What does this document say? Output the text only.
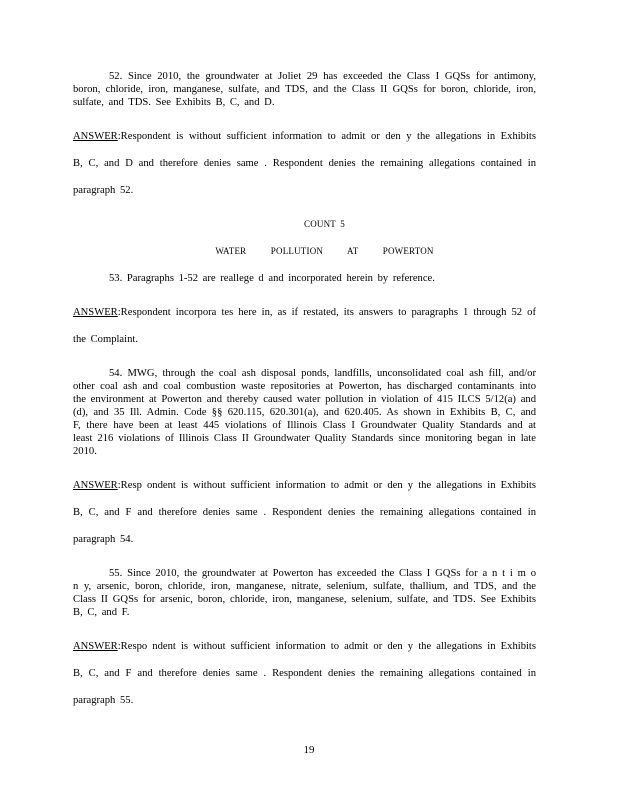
52. Since 2010, the groundwater at Joliet 29 has exceeded the Class I GQSs for antimony, boron, chloride, iron, manganese, sulfate, and TDS, and the Class II GQSs for boron, chloride, iron, sulfate, and TDS. See Exhibits B, C, and D.

ANSWER:Respondent is without sufficient information to admit or den y the allegations in Exhibits B, C, and D and therefore denies same . Respondent denies the remaining allegations contained in paragraph 52.

COUNT 5

WATER POLLUTION AT POWERTON

53. Paragraphs 1-52 are reallege d and incorporated herein by reference.

ANSWER:Respondent incorpora tes here in, as if restated, its answers to paragraphs 1 through 52 of the Complaint.

54. MWG, through the coal ash disposal ponds, landfills, unconsolidated coal ash fill, and/or other coal ash and coal combustion waste repositories at Powerton, has discharged contaminants into the environment at Powerton and thereby caused water pollution in violation of 415 ILCS 5/12(a) and (d), and 35 Ill. Admin. Code §§ 620.115, 620.301(a), and 620.405. As shown in Exhibits B, C, and F, there have been at least 445 violations of Illinois Class I Groundwater Quality Standards and at least 216 violations of Illinois Class II Groundwater Quality Standards since monitoring began in late 2010.

ANSWER:Resp ondent is without sufficient information to admit or den y the allegations in Exhibits B, C, and F and therefore denies same . Respondent denies the remaining allegations contained in paragraph 54.

55. Since 2010, the groundwater at Powerton has exceeded the Class I GQSs for a n t i m o n y, arsenic, boron, chloride, iron, manganese, nitrate, selenium, sulfate, thallium, and TDS, and the Class II GQSs for arsenic, boron, chloride, iron, manganese, selenium, sulfate, and TDS. See Exhibits B, C, and F.

ANSWER:Respo ndent is without sufficient information to admit or den y the allegations in Exhibits B, C, and F and therefore denies same . Respondent denies the remaining allegations contained in paragraph 55.

19
